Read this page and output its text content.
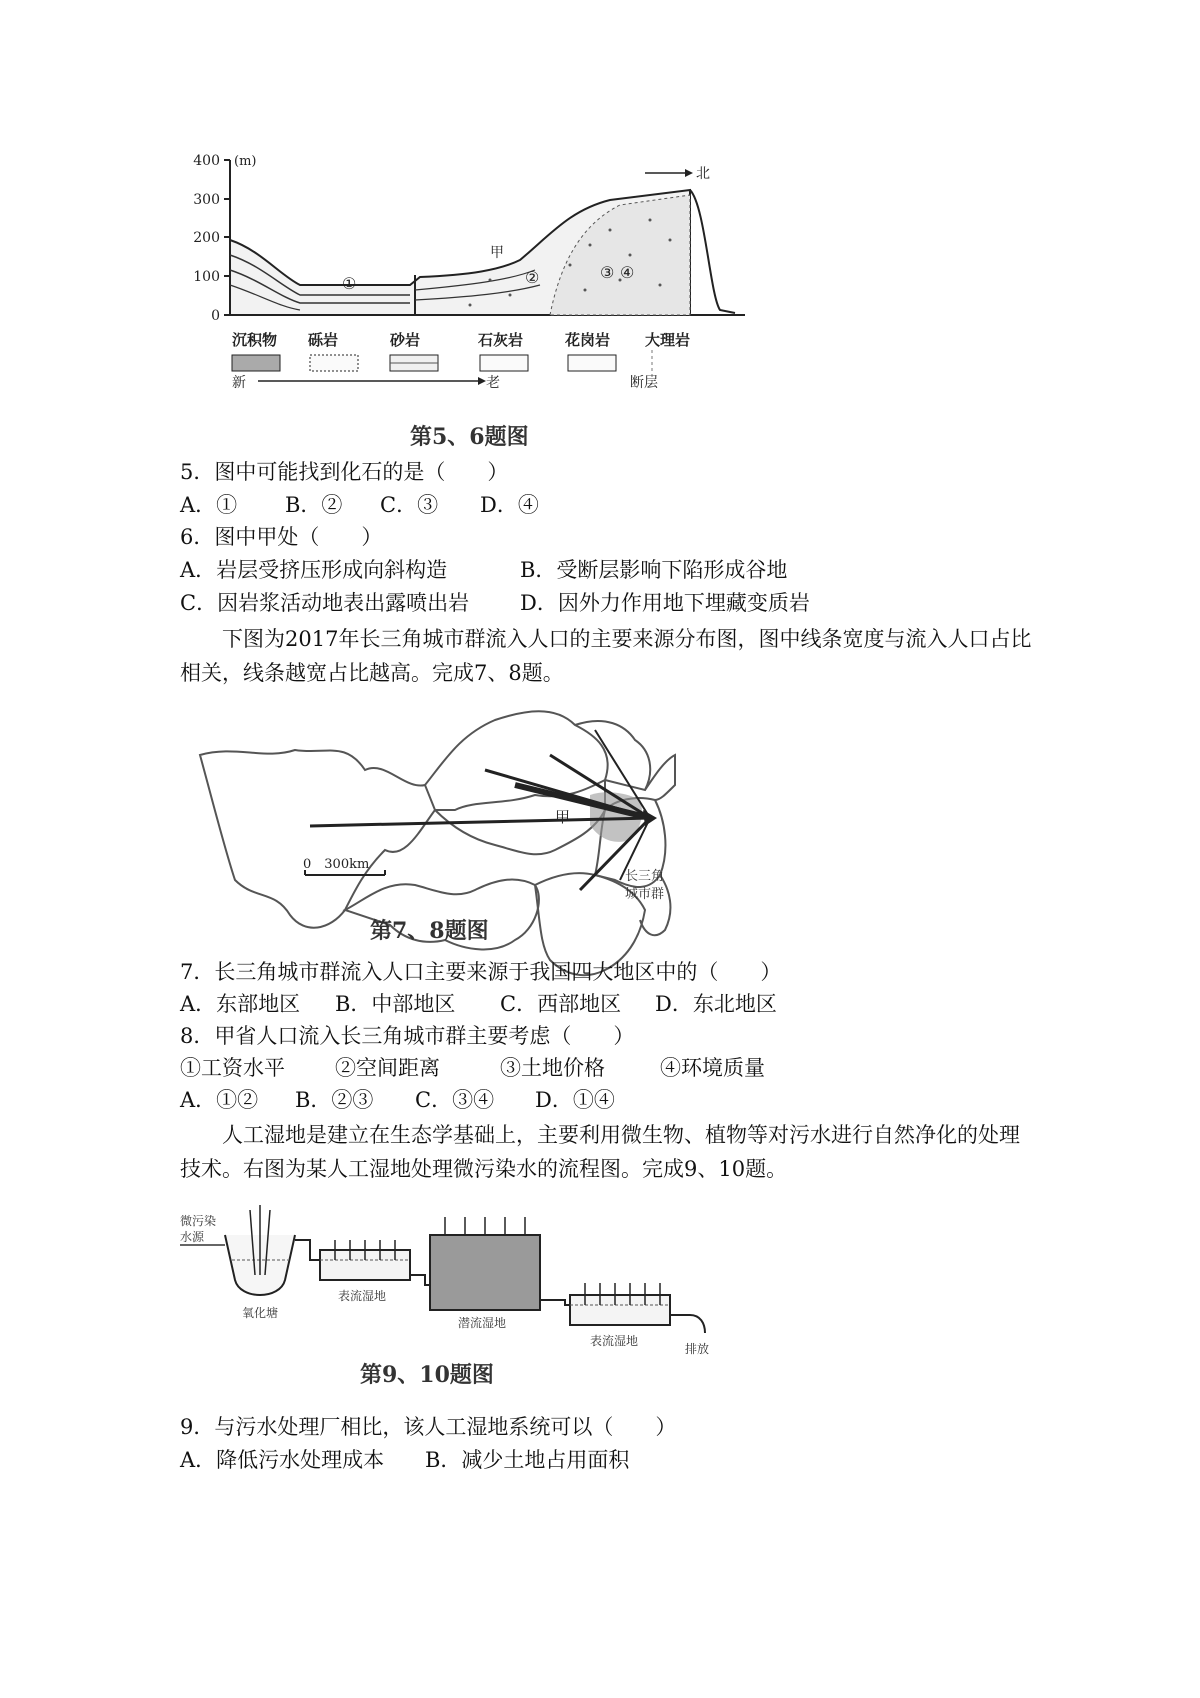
400
300
200
100
0
(m)
北
甲
①	②	③ ④
沉积物 砾岩	砂岩	石灰岩	花岗岩 大理岩
新	老	断层
第5、6题图
5．图中可能找到化石的是（　　）
A．① B．② C．③ D．④
6．图中甲处（　　）
A．岩层受挤压形成向斜构造	B．受断层影响下陷形成谷地
C．因岩浆活动地表出露喷出岩 D．因外力作用地下埋藏变质岩
下图为2017年长三角城市群流入人口的主要来源分布图，图中线条宽度与流入人口占比相关，线条越宽占比越高。完成7、8题。
甲
0　300km
长三角
城市群
第7、8题图
7．长三角城市群流入人口主要来源于我国四大地区中的（　　）
A．东部地区 B．中部地区 C．西部地区 D．东北地区
8．甲省人口流入长三角城市群主要考虑（　　）
①工资水平 ②空间距离	③土地价格	④环境质量
A．①② B．②③ C．③④ D．①④
人工湿地是建立在生态学基础上，主要利用微生物、植物等对污水进行自然净化的处理技术。右图为某人工湿地处理微污染水的流程图。完成9、10题。
微污染
水源
氧化塘
表流湿地
潜流湿地
表流湿地
排放
第9、10题图
9．与污水处理厂相比，该人工湿地系统可以（　　）
A．降低污水处理成本 B．减少土地占用面积
